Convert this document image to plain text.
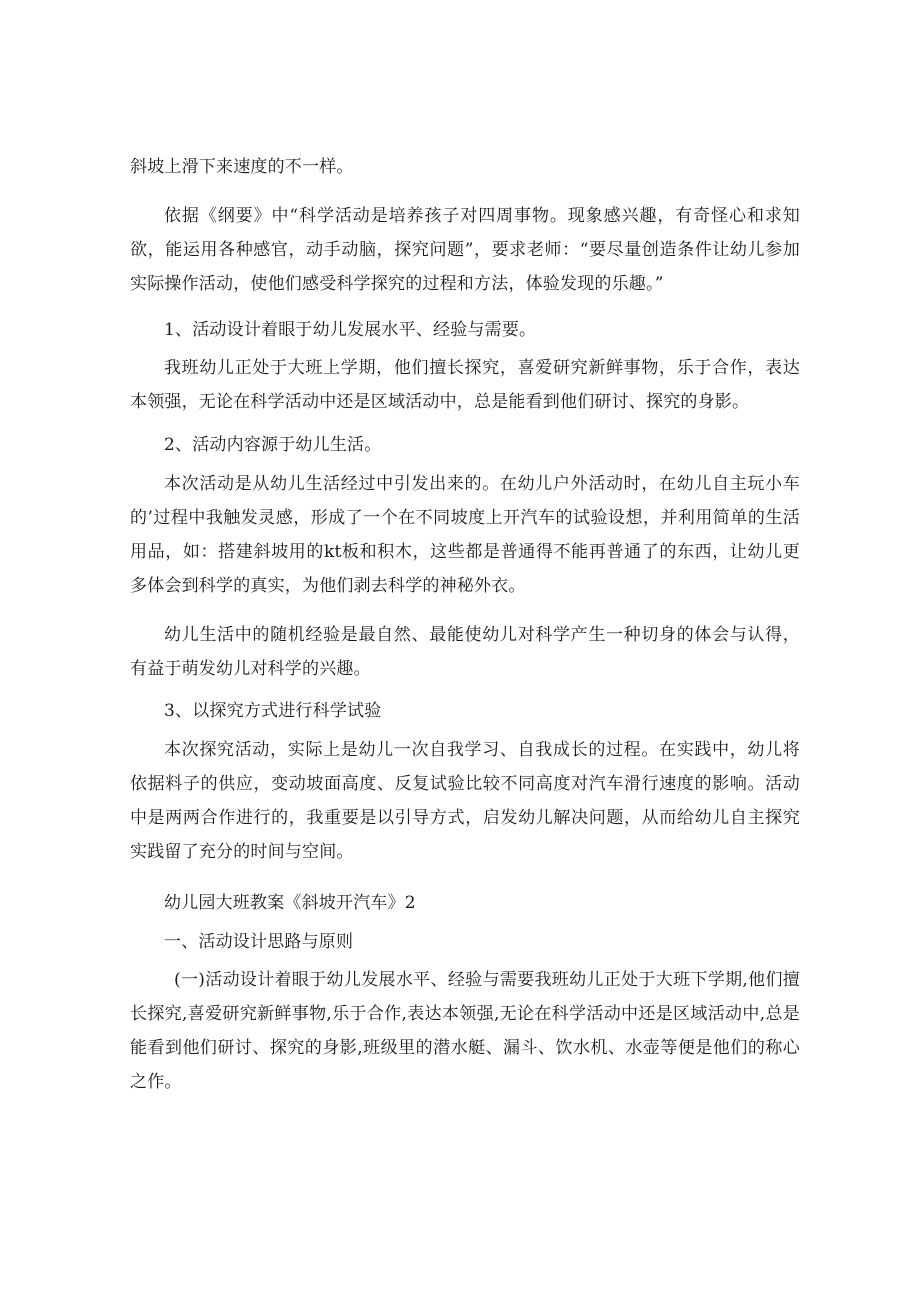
斜坡上滑下来速度的不一样。

依据《纲要》中“科学活动是培养孩子对四周事物。现象感兴趣，有奇怪心和求知欲，能运用各种感官，动手动脑，探究问题”，要求老师：“要尽量创造条件让幼儿参加实际操作活动，使他们感受科学探究的过程和方法，体验发现的乐趣。”

1、活动设计着眼于幼儿发展水平、经验与需要。

我班幼儿正处于大班上学期，他们擅长探究，喜爱研究新鲜事物，乐于合作，表达本领强，无论在科学活动中还是区域活动中，总是能看到他们研讨、探究的身影。

2、活动内容源于幼儿生活。

本次活动是从幼儿生活经过中引发出来的。在幼儿户外活动时，在幼儿自主玩小车的’过程中我触发灵感，形成了一个在不同坡度上开汽车的试验设想，并利用简单的生活用品，如：搭建斜坡用的kt板和积木，这些都是普通得不能再普通了的东西，让幼儿更多体会到科学的真实，为他们剥去科学的神秘外衣。

幼儿生活中的随机经验是最自然、最能使幼儿对科学产生一种切身的体会与认得，有益于萌发幼儿对科学的兴趣。

3、以探究方式进行科学试验

本次探究活动，实际上是幼儿一次自我学习、自我成长的过程。在实践中，幼儿将依据料子的供应，变动坡面高度、反复试验比较不同高度对汽车滑行速度的影响。活动中是两两合作进行的，我重要是以引导方式，启发幼儿解决问题，从而给幼儿自主探究实践留了充分的时间与空间。

幼儿园大班教案《斜坡开汽车》2

一、活动设计思路与原则

(一)活动设计着眼于幼儿发展水平、经验与需要我班幼儿正处于大班下学期,他们擅长探究,喜爱研究新鲜事物,乐于合作,表达本领强,无论在科学活动中还是区域活动中,总是能看到他们研讨、探究的身影,班级里的潜水艇、漏斗、饮水机、水壶等便是他们的称心之作。
